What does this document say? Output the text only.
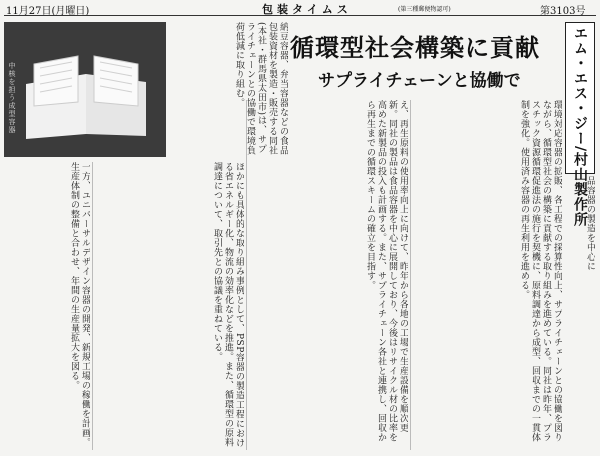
11月27日(月曜日)	包装タイムス	(第三種郵便物認可)	第3103号
中核を担う成型容器	納豆容器、弁当容器などの食品包装資材を製造・販売する同社(本社・群馬県太田市)は、サプライチェーンとの協働で環境負荷低減に取り組む。	循環型社会構築に貢献
サプライチェーンと協働で	エム・エス・ジー/村山製作所
品容器の製造を中心に
環境対応容器の拡販、各工程での採算性向上、サプライチェーンとの協働を図りながら、循環型社会の構築に貢献する取り組みを進めている。同社は昨年、プラスチック資源循環促進法の施行を契機に、原料調達から成型、回収までの一貫体制を強化。使用済み容器の再生利用を進める。
え、再生原料の使用率向上に向けて、昨年から各地の工場で生産設備を順次更新。同社の製品は食品容器を中心に展開しており、今後はリサイクル材の比率を高めた新製品の投入も計画する。また、サプライチェーン各社と連携し、回収から再生までの循環スキームの確立を目指す。
ほかにも具体的な取り組み事例として、PSP容器の製造工程における省エネルギー化、物流の効率化などを推進。また、循環型の原料調達について、取引先との協議を重ねている。
一方、ユニバーサルデザイン容器の開発、新規工場の稼働を計画。生産体制の整備と合わせ、年間の生産量拡大を図る。
